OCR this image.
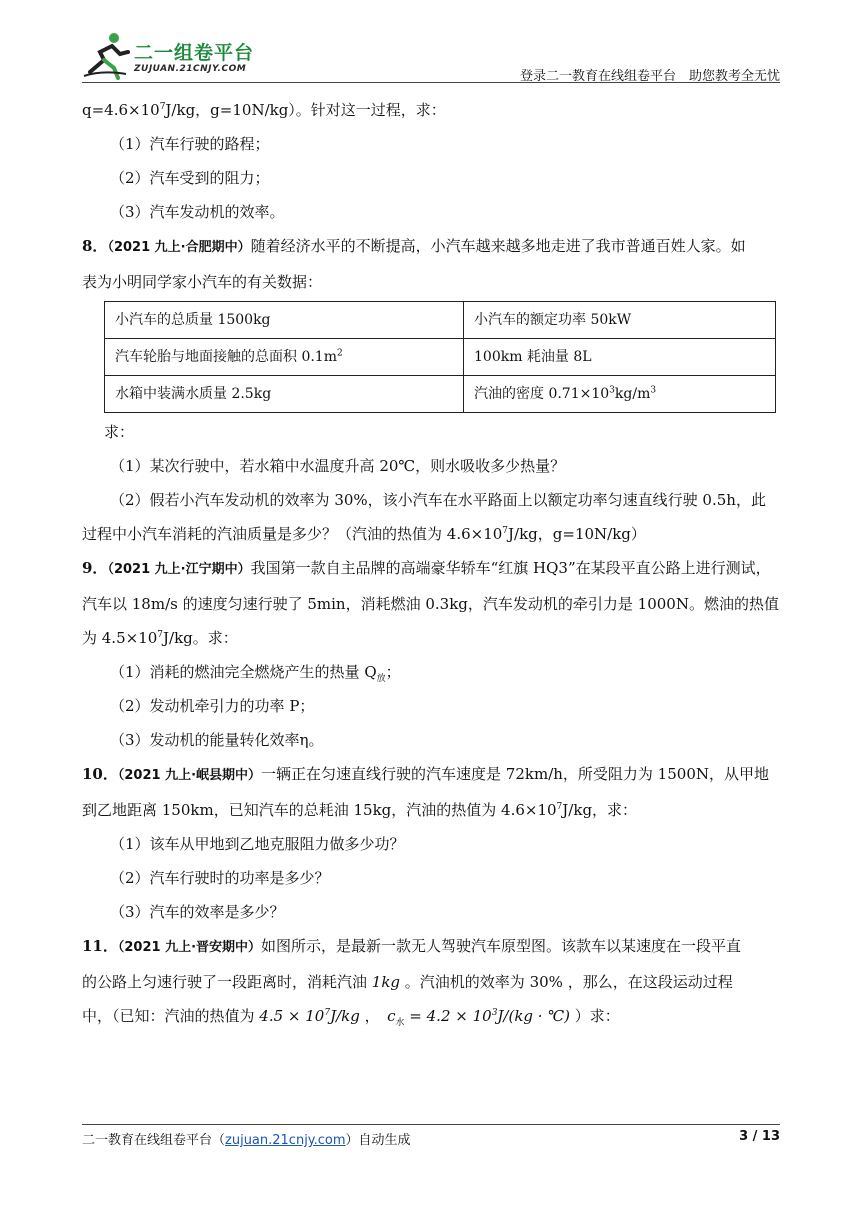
二一组卷平台
ZUJUAN.21CNJY.COM	登录二一教育在线组卷平台　助您教考全无忧

$q=4.6\times 10^7J/kg$，g=10N/kg）。针对这一过程，求：

（1）汽车行驶的路程；

（2）汽车受到的阻力；

（3）汽车发动机的效率。

8．（2021 九上·合肥期中）随着经济水平的不断提高，小汽车越来越多地走进了我市普通百姓人家。如

表为小明同学家小汽车的有关数据：

小汽车的总质量 1500kg	小汽车的额定功率 50kW
汽车轮胎与地面接触的总面积 $0.1m^2$	100km 耗油量 8L
水箱中装满水质量 2.5kg	汽油的密度 $0.71\times 10^3kg/m^3$

求：

（1）某次行驶中，若水箱中水温度升高 20℃，则水吸收多少热量？

（2）假若小汽车发动机的效率为 30%，该小汽车在水平路面上以额定功率匀速直线行驶 0.5h，此

过程中小汽车消耗的汽油质量是多少？（汽油的热值为 $4.6\times 10^7J/kg$，g=10N/kg）

9．（2021 九上·江宁期中）我国第一款自主品牌的高端豪华轿车“红旗 HQ3”在某段平直公路上进行测试，

汽车以 18m/s 的速度匀速行驶了 5min，消耗燃油 0.3kg，汽车发动机的牵引力是 1000N。燃油的热值

为 $4.5\times 10^7J/kg$。求：

（1）消耗的燃油完全燃烧产生的热量 $Q_放$；

（2）发动机牵引力的功率 P；

（3）发动机的能量转化效率η。

10．（2021 九上·岷县期中）一辆正在匀速直线行驶的汽车速度是 72km/h，所受阻力为 1500N，从甲地

到乙地距离 150km，已知汽车的总耗油 15kg，汽油的热值为 $4.6\times 10^7J/kg$，求：

（1）该车从甲地到乙地克服阻力做多少功？

（2）汽车行驶时的功率是多少？

（3）汽车的效率是多少？

11．（2021 九上·晋安期中）如图所示，是最新一款无人驾驶汽车原型图。该款车以某速度在一段平直

的公路上匀速行驶了一段距离时，消耗汽油 1kg 。汽油机的效率为 30% ，那么，在这段运动过程

中，（已知：汽油的热值为 $4.5 \times 10^7J/kg$ ，　$c_水 = 4.2 \times 10^3J/(kg$ · ℃) ）求：

二一教育在线组卷平台（zujuan.21cnjy.com）自动生成	3 / 13
